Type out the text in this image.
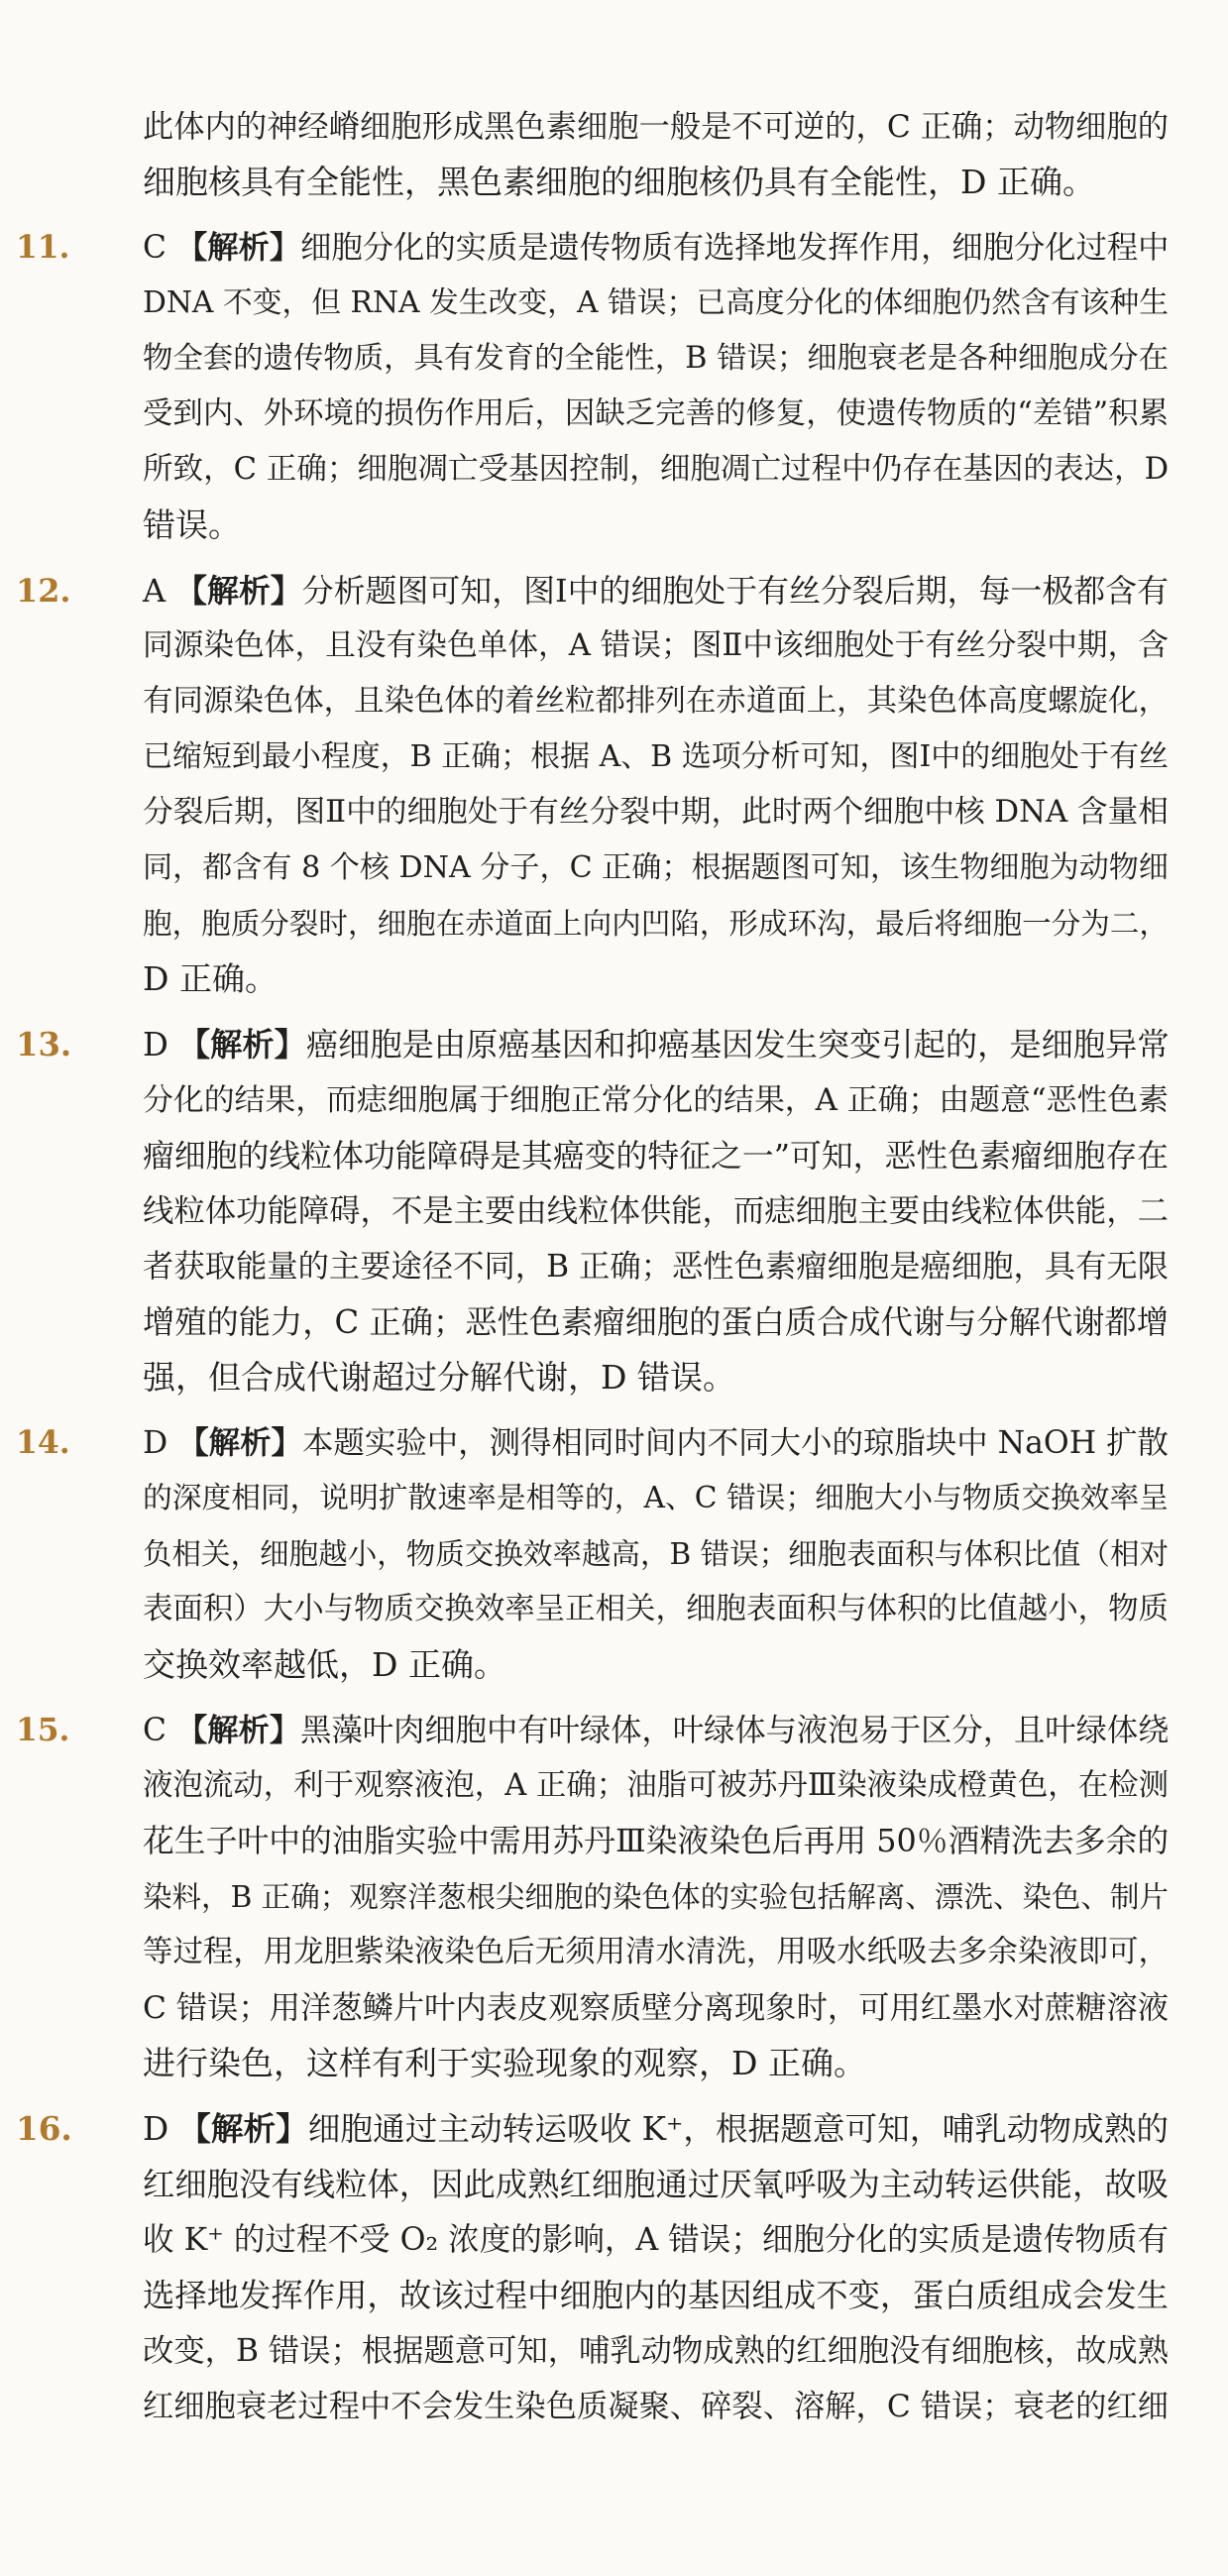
此体内的神经嵴细胞形成黑色素细胞一般是不可逆的，C 正确；动物细胞的
细胞核具有全能性，黑色素细胞的细胞核仍具有全能性，D 正确。
11. C 【解析】细胞分化的实质是遗传物质有选择地发挥作用，细胞分化过程中
DNA 不变，但 RNA 发生改变，A 错误；已高度分化的体细胞仍然含有该种生
物全套的遗传物质，具有发育的全能性，B 错误；细胞衰老是各种细胞成分在
受到内、外环境的损伤作用后，因缺乏完善的修复，使遗传物质的“差错”积累
所致，C 正确；细胞凋亡受基因控制，细胞凋亡过程中仍存在基因的表达，D
错误。
12. A 【解析】分析题图可知，图Ⅰ中的细胞处于有丝分裂后期，每一极都含有
同源染色体，且没有染色单体，A 错误；图Ⅱ中该细胞处于有丝分裂中期，含
有同源染色体，且染色体的着丝粒都排列在赤道面上，其染色体高度螺旋化，
已缩短到最小程度，B 正确；根据 A、B 选项分析可知，图Ⅰ中的细胞处于有丝
分裂后期，图Ⅱ中的细胞处于有丝分裂中期，此时两个细胞中核 DNA 含量相
同，都含有 8 个核 DNA 分子，C 正确；根据题图可知，该生物细胞为动物细
胞，胞质分裂时，细胞在赤道面上向内凹陷，形成环沟，最后将细胞一分为二，
D 正确。
13. D 【解析】癌细胞是由原癌基因和抑癌基因发生突变引起的，是细胞异常
分化的结果，而痣细胞属于细胞正常分化的结果，A 正确；由题意“恶性色素
瘤细胞的线粒体功能障碍是其癌变的特征之一”可知，恶性色素瘤细胞存在
线粒体功能障碍，不是主要由线粒体供能，而痣细胞主要由线粒体供能，二
者获取能量的主要途径不同，B 正确；恶性色素瘤细胞是癌细胞，具有无限
增殖的能力，C 正确；恶性色素瘤细胞的蛋白质合成代谢与分解代谢都增
强，但合成代谢超过分解代谢，D 错误。
14. D 【解析】本题实验中，测得相同时间内不同大小的琼脂块中 NaOH 扩散
的深度相同，说明扩散速率是相等的，A、C 错误；细胞大小与物质交换效率呈
负相关，细胞越小，物质交换效率越高，B 错误；细胞表面积与体积比值（相对
表面积）大小与物质交换效率呈正相关，细胞表面积与体积的比值越小，物质
交换效率越低，D 正确。
15. C 【解析】黑藻叶肉细胞中有叶绿体，叶绿体与液泡易于区分，且叶绿体绕
液泡流动，利于观察液泡，A 正确；油脂可被苏丹Ⅲ染液染成橙黄色，在检测
花生子叶中的油脂实验中需用苏丹Ⅲ染液染色后再用 50％酒精洗去多余的
染料，B 正确；观察洋葱根尖细胞的染色体的实验包括解离、漂洗、染色、制片
等过程，用龙胆紫染液染色后无须用清水清洗，用吸水纸吸去多余染液即可，
C 错误；用洋葱鳞片叶内表皮观察质壁分离现象时，可用红墨水对蔗糖溶液
进行染色，这样有利于实验现象的观察，D 正确。
16. D 【解析】细胞通过主动转运吸收 K⁺，根据题意可知，哺乳动物成熟的
红细胞没有线粒体，因此成熟红细胞通过厌氧呼吸为主动转运供能，故吸
收 K⁺ 的过程不受 O₂ 浓度的影响，A 错误；细胞分化的实质是遗传物质有
选择地发挥作用，故该过程中细胞内的基因组成不变，蛋白质组成会发生
改变，B 错误；根据题意可知，哺乳动物成熟的红细胞没有细胞核，故成熟
红细胞衰老过程中不会发生染色质凝聚、碎裂、溶解，C 错误；衰老的红细
